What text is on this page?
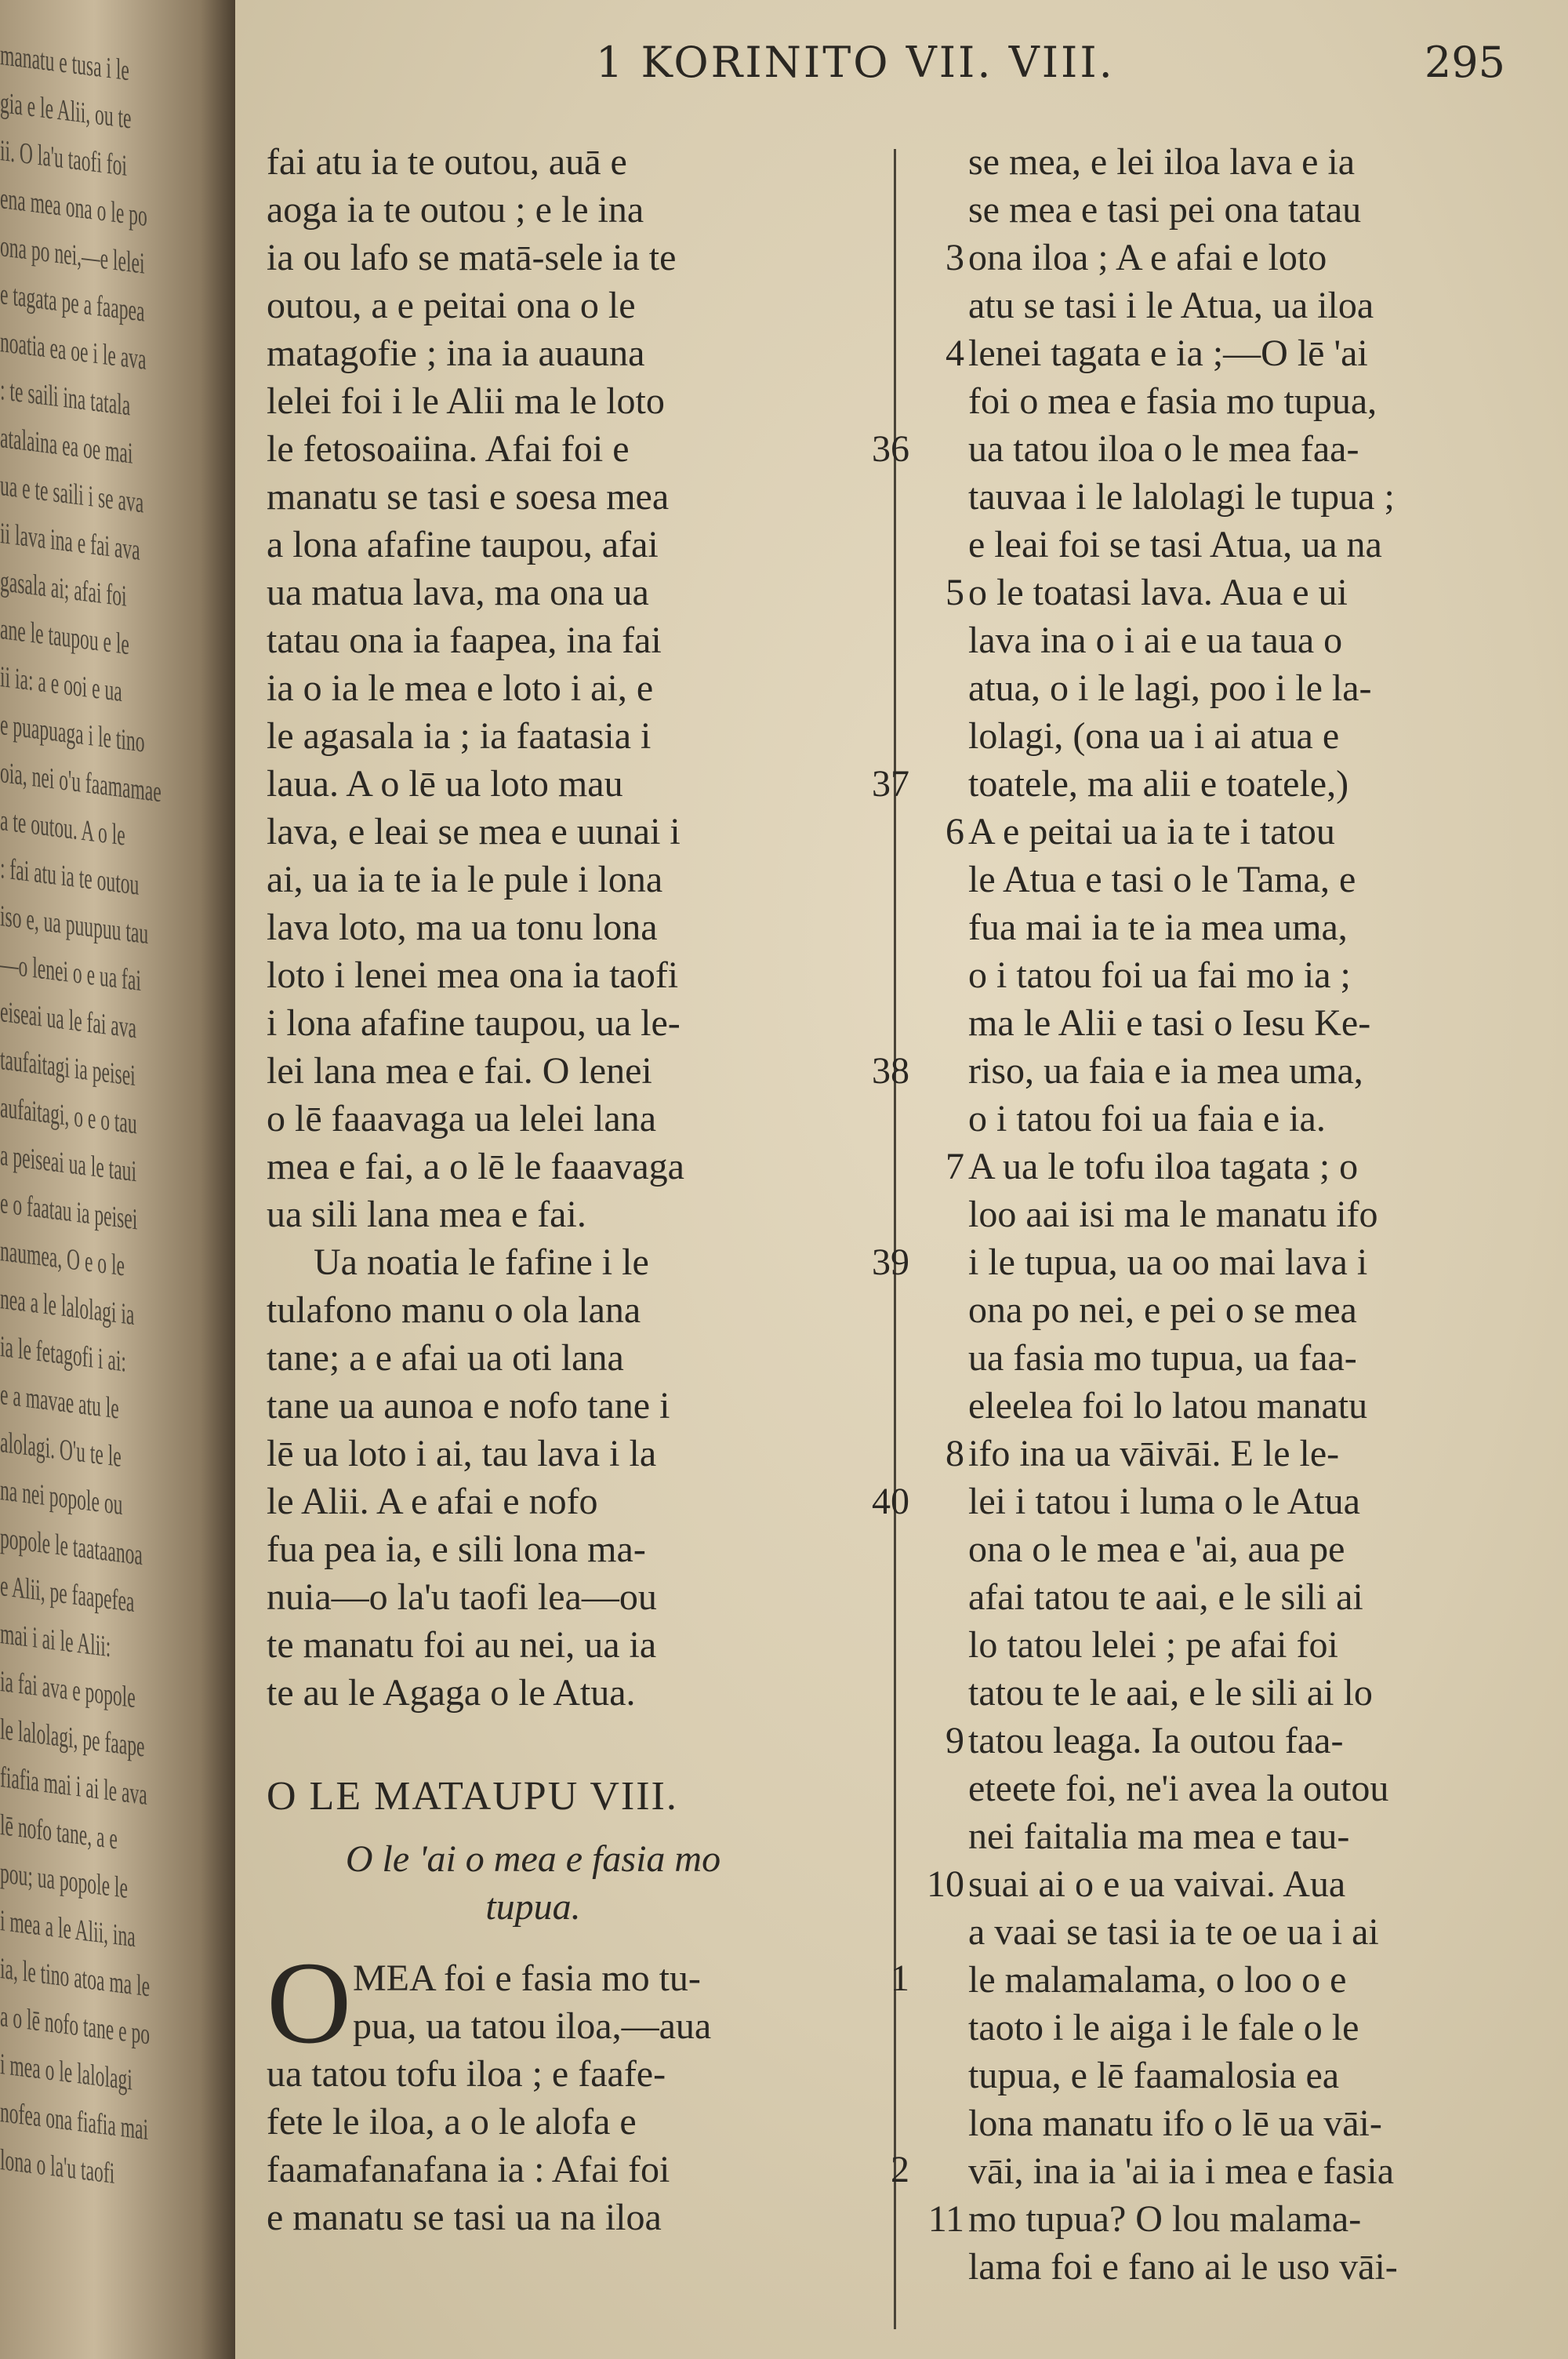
manatu e tusa i le
gia e le Alii, ou te
ii. O la'u taofi foi
ena mea ona o le po
ona po nei,—e lelei
e tagata pe a faapea
noatia ea oe i le ava
: te saili ina tatala
atalaina ea oe mai
ua e te saili i se ava
ii lava ina e fai ava
gasala ai; afai foi
ane le taupou e le
ii ia: a e ooi e ua
e puapuaga i le tino
oia, nei o'u faamamae
a te outou. A o le
: fai atu ia te outou
iso e, ua puupuu tau
—o lenei o e ua fai
eiseai ua le fai ava
taufaitagi ia peisei
aufaitagi, o e o tau
a peiseai ua le taui
e o faatau ia peisei
naumea, O e o le
nea a le lalolagi ia
ia le fetagofi i ai:
e a mavae atu le
alolagi. O'u te le
na nei popole ou
popole le taataanoa
e Alii, pe faapefea
mai i ai le Alii:
ia fai ava e popole
le lalolagi, pe faape
fiafia mai i ai le ava
lē nofo tane, a e
pou; ua popole le
i mea a le Alii, ina
ia, le tino atoa ma le
a o lē nofo tane e po
i mea o le lalolagi
nofea ona fiafia mai
lona o la'u taofi
1 KORINITO VII. VIII.	295
fai atu ia te outou, auā e
aoga ia te outou ; e le ina
ia ou lafo se matā-sele ia te
outou, a e peitai ona o le
matagofie ; ina ia auauna
lelei foi i le Alii ma le loto
le fetosoaiina. Afai foi e	36
manatu se tasi e soesa mea
a lona afafine taupou, afai
ua matua lava, ma ona ua
tatau ona ia faapea, ina fai
ia o ia le mea e loto i ai, e
le agasala ia ; ia faatasia i
laua. A o lē ua loto mau	37
lava, e leai se mea e uunai i
ai, ua ia te ia le pule i lona
lava loto, ma ua tonu lona
loto i lenei mea ona ia taofi
i lona afafine taupou, ua le-
lei lana mea e fai. O lenei	38
o lē faaavaga ua lelei lana
mea e fai, a o lē le faaavaga
ua sili lana mea e fai.
Ua noatia le fafine i le	39
tulafono manu o ola lana
tane; a e afai ua oti lana
tane ua aunoa e nofo tane i
lē ua loto i ai, tau lava i la
le Alii. A e afai e nofo	40
fua pea ia, e sili lona ma-
nuia—o la'u taofi lea—ou
te manatu foi au nei, ua ia
te au le Agaga o le Atua.
O LE MATAUPU VIII.
O le 'ai o mea e fasia mo
tupua.
O MEA foi e fasia mo tu-	1
pua, ua tatou iloa,—aua
ua tatou tofu iloa ; e faafe-
fete le iloa, a o le alofa e
faamafanafana ia : Afai foi	2
e manatu se tasi ua na iloa
se mea, e lei iloa lava e ia
se mea e tasi pei ona tatau
ona iloa ; A e afai e loto
3
atu se tasi i le Atua, ua iloa
lenei tagata e ia ;—O lē 'ai
4
foi o mea e fasia mo tupua,
ua tatou iloa o le mea faa-
tauvaa i le lalolagi le tupua ;
e leai foi se tasi Atua, ua na
o le toatasi lava. Aua e ui
5
lava ina o i ai e ua taua o
atua, o i le lagi, poo i le la-
lolagi, (ona ua i ai atua e
toatele, ma alii e toatele,)
A e peitai ua ia te i tatou
6
le Atua e tasi o le Tama, e
fua mai ia te ia mea uma,
o i tatou foi ua fai mo ia ;
ma le Alii e tasi o Iesu Ke-
riso, ua faia e ia mea uma,
o i tatou foi ua faia e ia.
A ua le tofu iloa tagata ; o
7
loo aai isi ma le manatu ifo
i le tupua, ua oo mai lava i
ona po nei, e pei o se mea
ua fasia mo tupua, ua faa-
eleelea foi lo latou manatu
ifo ina ua vāivāi. E le le-
8
lei i tatou i luma o le Atua
ona o le mea e 'ai, aua pe
afai tatou te aai, e le sili ai
lo tatou lelei ; pe afai foi
tatou te le aai, e le sili ai lo
tatou leaga. Ia outou faa-
9
eteete foi, ne'i avea la outou
nei faitalia ma mea e tau-
suai ai o e ua vaivai. Aua
10
a vaai se tasi ia te oe ua i ai
le malamalama, o loo o e
taoto i le aiga i le fale o le
tupua, e lē faamalosia ea
lona manatu ifo o lē ua vāi-
vāi, ina ia 'ai ia i mea e fasia
mo tupua? O lou malama-
11
lama foi e fano ai le uso vāi-
